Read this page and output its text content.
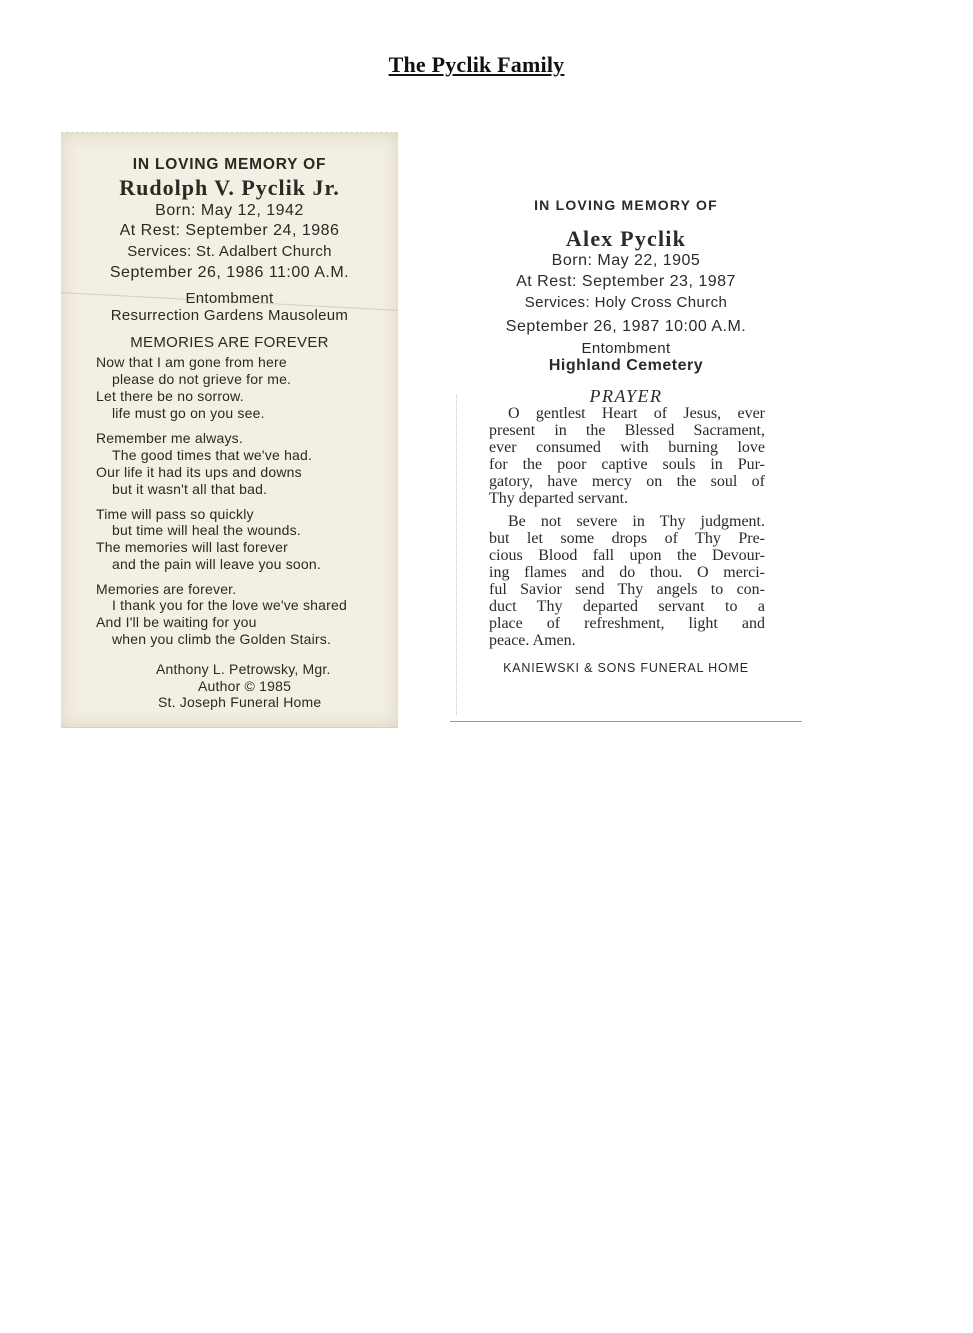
The Pyclik Family
IN LOVING MEMORY OF
Rudolph V. Pyclik Jr.
Born: May 12, 1942
At Rest: September 24, 1986
Services: St. Adalbert Church
September 26, 1986 11:00 A.M.
Entombment
Resurrection Gardens Mausoleum
MEMORIES ARE FOREVER
Now that I am gone from here
please do not grieve for me.
Let there be no sorrow.
life must go on you see.
Remember me always.
The good times that we've had.
Our life it had its ups and downs
but it wasn't all that bad.
Time will pass so quickly
but time will heal the wounds.
The memories will last forever
and the pain will leave you soon.
Memories are forever.
I thank you for the love we've shared
And I'll be waiting for you
when you climb the Golden Stairs.
Anthony L. Petrowsky, Mgr.
Author © 1985
St. Joseph Funeral Home
IN LOVING MEMORY OF
Alex Pyclik
Born: May 22, 1905
At Rest: September 23, 1987
Services: Holy Cross Church
September 26, 1987 10:00 A.M.
Entombment
Highland Cemetery
PRAYER
O gentlest Heart of Jesus, ever
present in the Blessed Sacrament,
ever consumed with burning love
for the poor captive souls in Pur-
gatory, have mercy on the soul of
Thy departed servant.
Be not severe in Thy judgment.
but let some drops of Thy Pre-
cious Blood fall upon the Devour-
ing flames and do thou. O merci-
ful Savior send Thy angels to con-
duct Thy departed servant to a
place of refreshment, light and
peace. Amen.
KANIEWSKI & SONS FUNERAL HOME
